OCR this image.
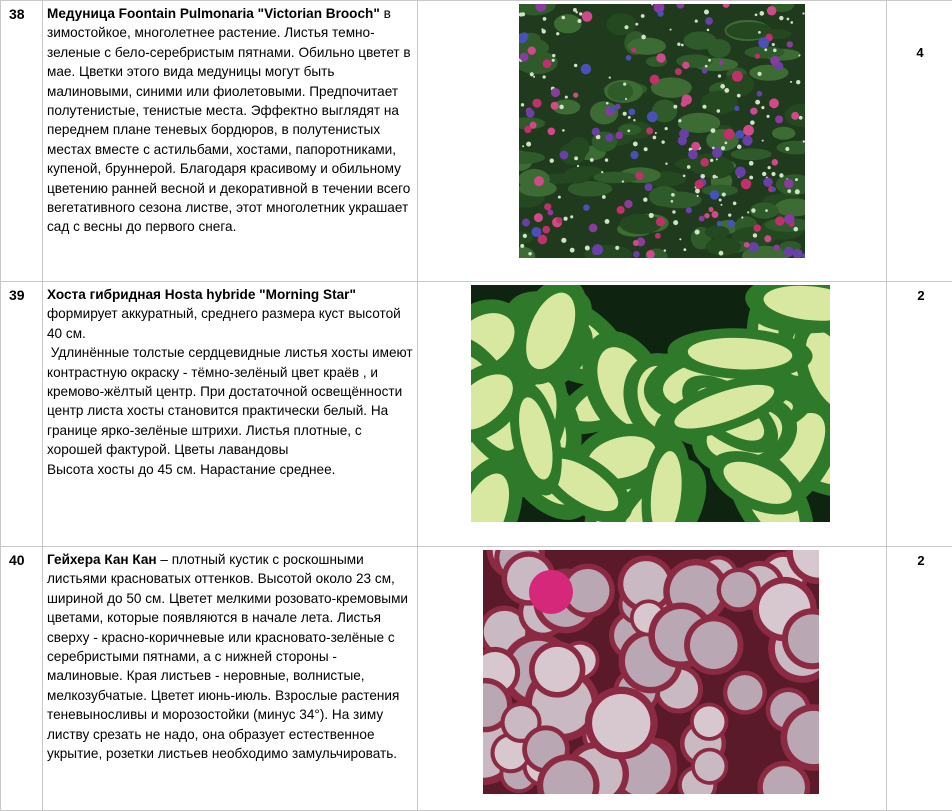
38	Медуница Foontain Pulmonaria "Victorian Brooch" в зимостойкое, многолетнее растение. Листья темно-зеленые с бело-серебристым пятнами. Обильно цветет в мае. Цветки этого вида медуницы могут быть малиновыми, синими или фиолетовыми. Предпочитает полутенистые, тенистые места. Эффектно выглядят на переднем плане теневых бордюров, в полутенистых местах вместе с астильбами, хостами, папоротниками, купеной, бруннерой. Благодаря красивому и обильному цветению ранней весной и декоративной в течении всего вегетативного сезона листве, этот многолетник украшает сад с весны до первого снега.		4
39	Хоста гибридная Hosta hybride "Morning Star"
формирует аккуратный, среднего размера куст высотой 40 см.
Удлинённые толстые сердцевидные листья хосты имеют контрастную окраску - тёмно-зелёный цвет краёв , и кремово-жёлтый центр. При достаточной освещённости центр листа хосты становится практически белый. На границе ярко-зелёные штрихи. Листья плотные, с хорошей фактурой. Цветы лавандовы
Высота хосты до 45 см. Нарастание среднее.		2
40	Гейхера Кан Кан – плотный кустик с роскошными листьями красноватых оттенков. Высотой около 23 см, шириной до 50 см. Цветет мелкими розовато-кремовыми цветами, которые появляются в начале лета. Листья сверху - красно-коричневые или красновато-зелёные с серебристыми пятнами, а с нижней стороны - малиновые. Края листьев - неровные, волнистые, мелкозубчатые. Цветет июнь-июль. Взрослые растения теневыносливы и морозостойки (минус 34°). На зиму листву срезать не надо, она образует естественное укрытие, розетки листьев необходимо замульчировать.		2
